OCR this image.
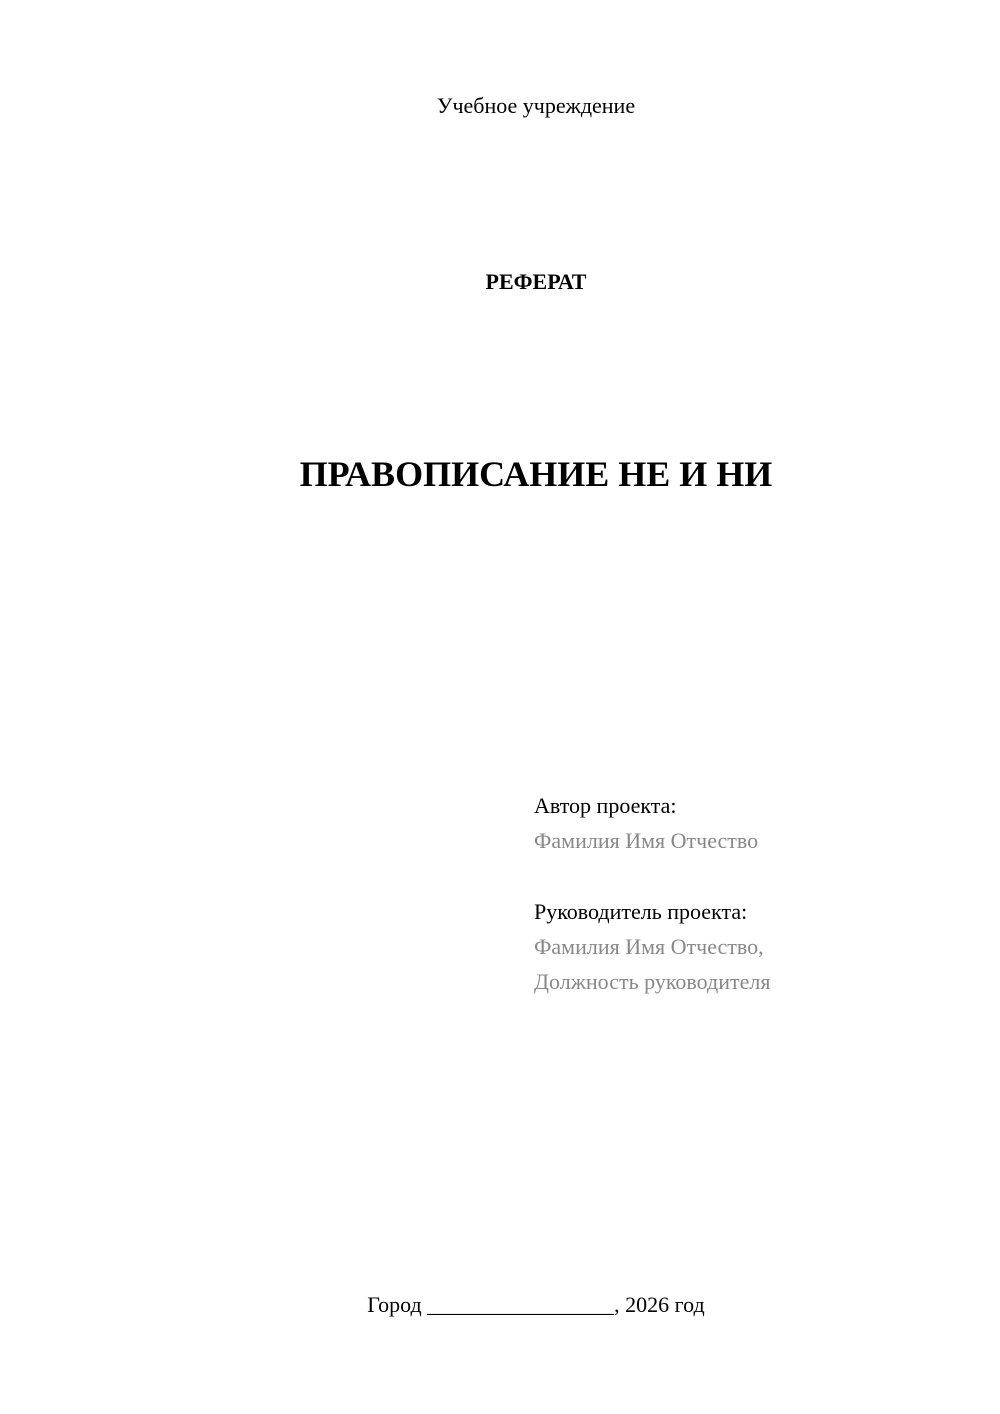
Учебное учреждение
РЕФЕРАТ
ПРАВОПИСАНИЕ НЕ И НИ
Автор проекта:
Фамилия Имя Отчество
Руководитель проекта:
Фамилия Имя Отчество,
Должность руководителя
Город _________________, 2026 год
